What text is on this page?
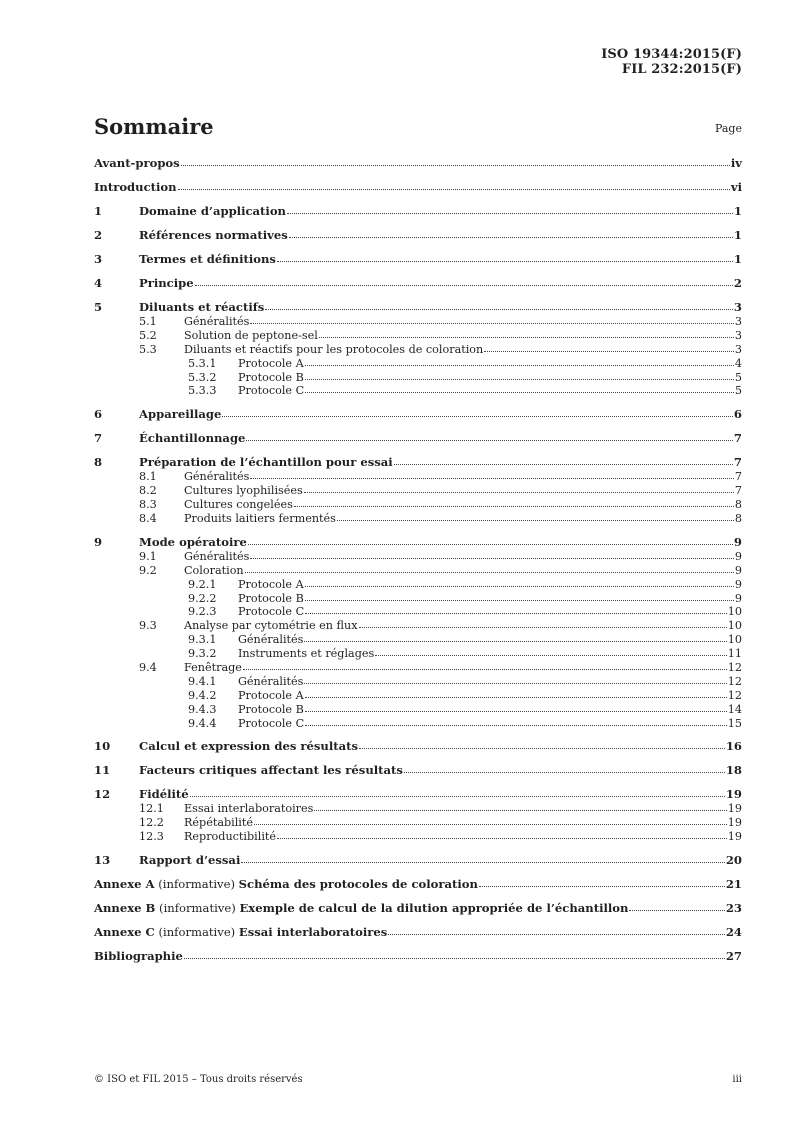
ISO 19344:2015(F)
FIL 232:2015(F)
Sommaire	Page
Avant-propos	iv
Introduction	vi
1	Domaine d’application	1
2	Références normatives	1
3	Termes et définitions	1
4	Principe	2
5	Diluants et réactifs	3
5.1	Généralités	3
5.2	Solution de peptone-sel	3
5.3	Diluants et réactifs pour les protocoles de coloration	3
5.3.1	Protocole A	4
5.3.2	Protocole B	5
5.3.3	Protocole C	5
6	Appareillage	6
7	Échantillonnage	7
8	Préparation de l’échantillon pour essai	7
8.1	Généralités	7
8.2	Cultures lyophilisées	7
8.3	Cultures congelées	8
8.4	Produits laitiers fermentés	8
9	Mode opératoire	9
9.1	Généralités	9
9.2	Coloration	9
9.2.1	Protocole A	9
9.2.2	Protocole B	9
9.2.3	Protocole C	10
9.3	Analyse par cytométrie en flux	10
9.3.1	Généralités	10
9.3.2	Instruments et réglages	11
9.4	Fenêtrage	12
9.4.1	Généralités	12
9.4.2	Protocole A	12
9.4.3	Protocole B	14
9.4.4	Protocole C	15
10	Calcul et expression des résultats	16
11	Facteurs critiques affectant les résultats	18
12	Fidélité	19
12.1	Essai interlaboratoires	19
12.2	Répétabilité	19
12.3	Reproductibilité	19
13	Rapport d’essai	20
Annexe A (informative) Schéma des protocoles de coloration	21
Annexe B (informative) Exemple de calcul de la dilution appropriée de l’échantillon	23
Annexe C (informative) Essai interlaboratoires	24
Bibliographie	27
© ISO et FIL 2015 – Tous droits réservés	iii
